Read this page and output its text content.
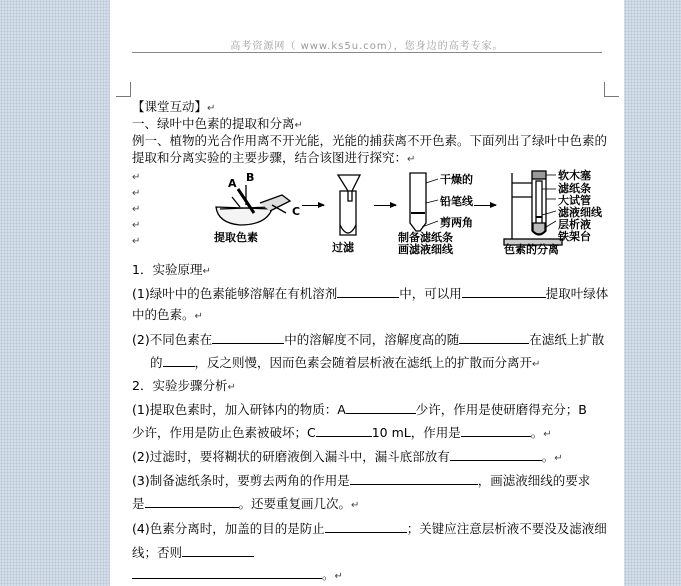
高考资源网（ www.ks5u.com），您身边的高考专家。
【课堂互动】↵
一、绿叶中色素的提取和分离↵
例一、植物的光合作用离不开光能，光能的捕获离不开色素。下面列出了绿叶中色素的
提取和分离实验的主要步骤，结合该图进行探究：↵
↵
↵
↵
↵
↵
A B
C
提取色素
过滤
制备滤纸条
画滤液细线	色素的分离
干燥的
铅笔线
剪两角
软木塞
滤纸条
大试管
滤液细线
层析液
铁架台
1．实验原理↵
(1)绿叶中的色素能够溶解在有机溶剂	中，可以用	提取叶绿体
中的色素。↵
(2)不同色素在	中的溶解度不同，溶解度高的随	在滤纸上扩散
的	，反之则慢，因而色素会随着层析液在滤纸上的扩散而分离开↵
2．实验步骤分析↵
(1)提取色素时，加入研钵内的物质：A	少许，作用是使研磨得充分；B
少许，作用是防止色素被破坏；C	10 mL，作用是	。↵
(2)过滤时，要将糊状的研磨液倒入漏斗中，漏斗底部放有	。↵
(3)制备滤纸条时，要剪去两角的作用是	，画滤液细线的要求
是	。还要重复画几次。↵
(4)色素分离时，加盖的目的是防止	；关键应注意层析液不要没及滤液细
线；否则
。↵
